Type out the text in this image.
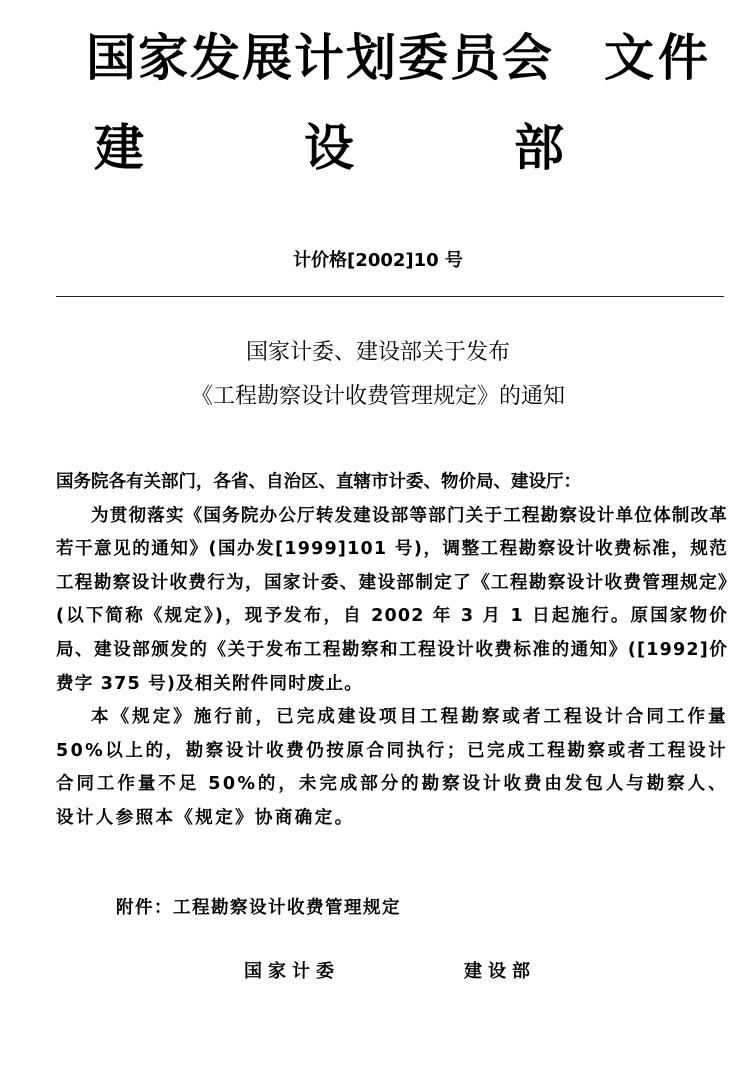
国家发展计划委员会 文件
建	设	部
计价格[2002]10 号
国家计委、建设部关于发布
《工程勘察设计收费管理规定》的通知

国务院各有关部门，各省、自治区、直辖市计委、物价局、建设厅：

为贯彻落实《国务院办公厅转发建设部等部门关于工程勘察设计单位体制改革若干意见的通知》(国办发[1999]101 号)，调整工程勘察设计收费标准，规范工程勘察设计收费行为，国家计委、建设部制定了《工程勘察设计收费管理规定》(以下简称《规定》)，现予发布，自 2002 年 3 月 1 日起施行。原国家物价局、建设部颁发的《关于发布工程勘察和工程设计收费标准的通知》([1992]价费字 375 号)及相关附件同时废止。

本《规定》施行前，已完成建设项目工程勘察或者工程设计合同工作量 50%以上的，勘察设计收费仍按原合同执行；已完成工程勘察或者工程设计合同工作量不足 50%的，未完成部分的勘察设计收费由发包人与勘察人、设计人参照本《规定》协商确定。

附件：工程勘察设计收费管理规定
国家计委	建设部
